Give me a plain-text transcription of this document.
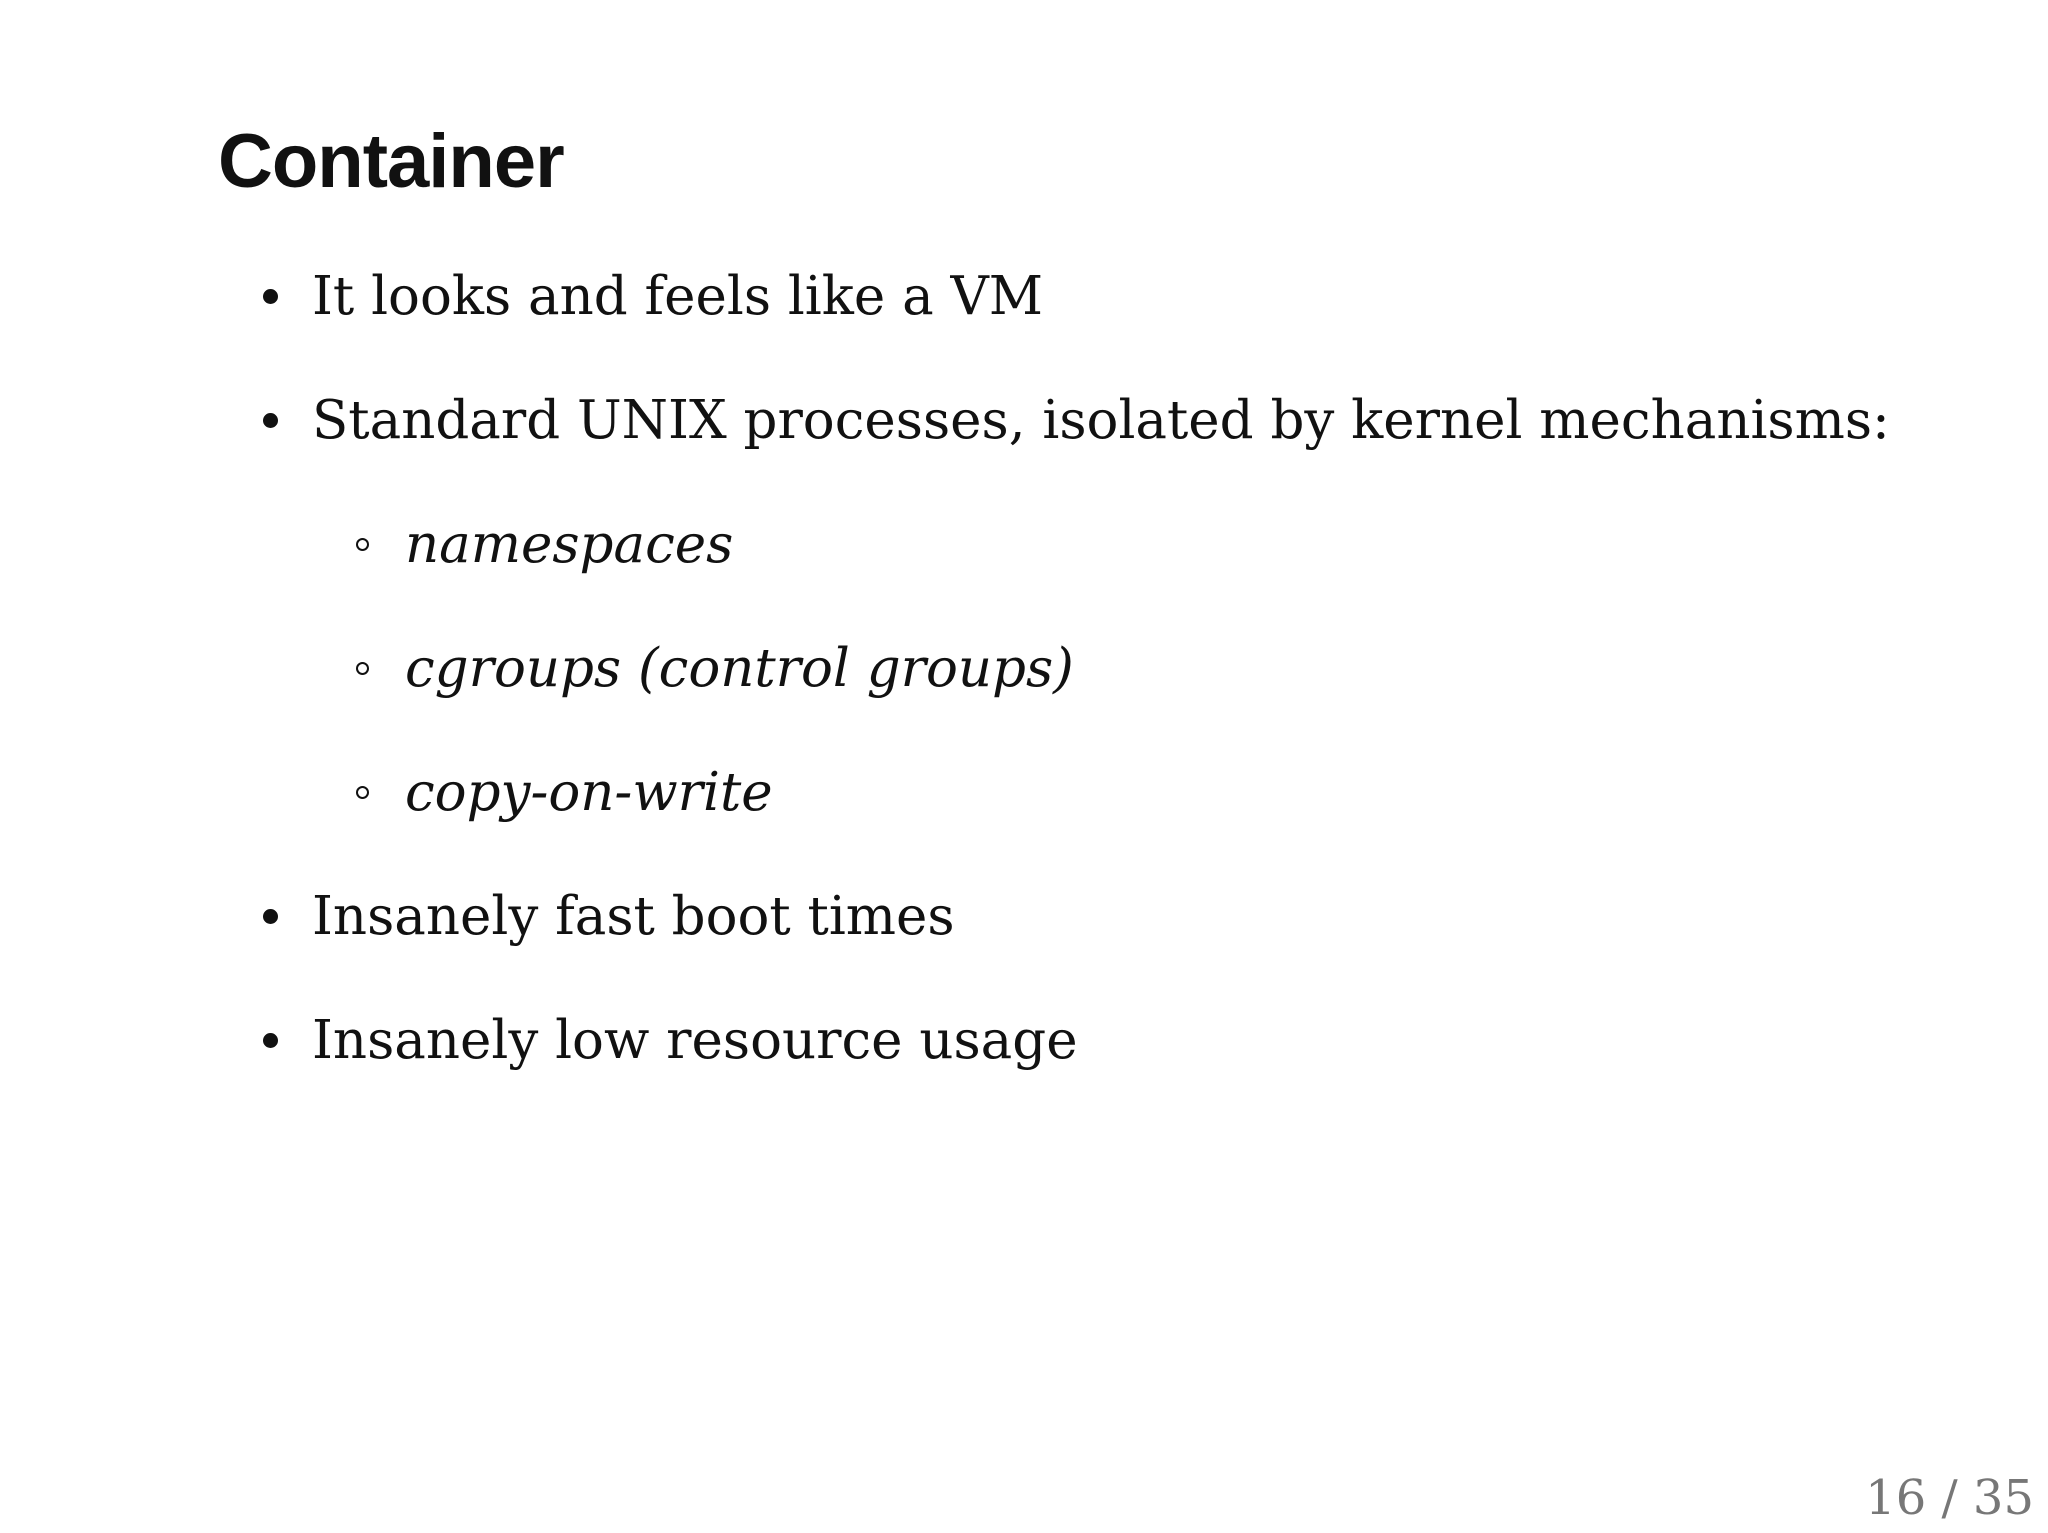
Container
It looks and feels like a VM
Standard UNIX processes, isolated by kernel mechanisms:
namespaces
cgroups (control groups)
copy-on-write
Insanely fast boot times
Insanely low resource usage
16 / 35
